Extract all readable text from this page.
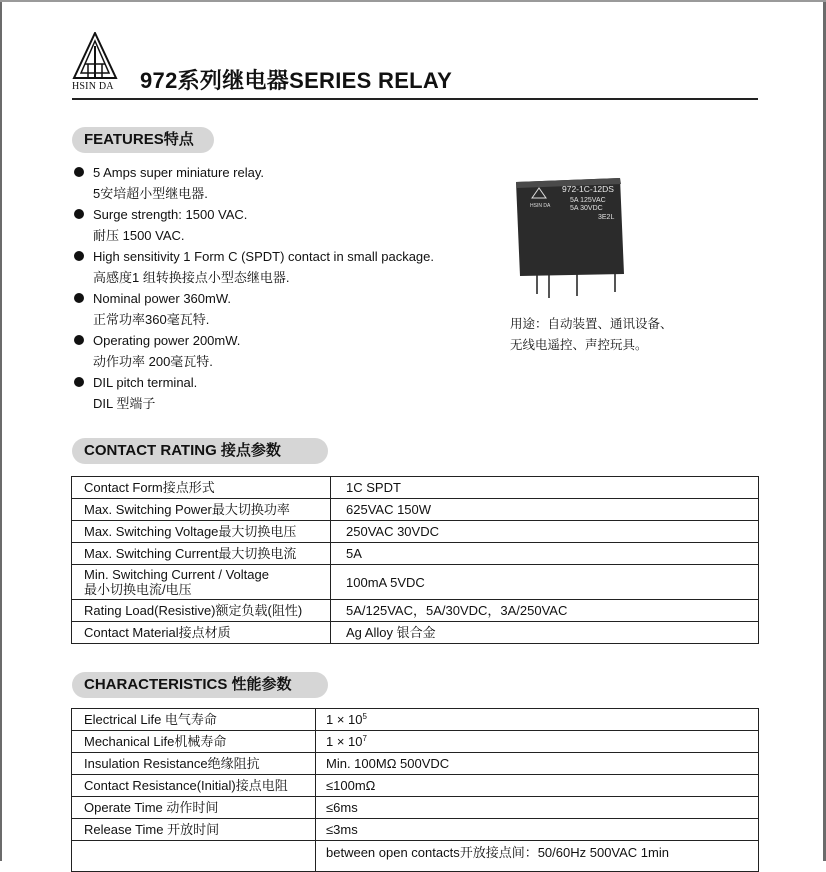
HSIN DA 972系列继电器SERIES RELAY
FEATURES特点
5 Amps super miniature relay.
5安培超小型继电器.
Surge strength: 1500 VAC.
耐压 1500 VAC.
High sensitivity 1 Form C (SPDT) contact in small package.
高感度1 组转换接点小型态继电器.
Nominal power 360mW.
正常功率360毫瓦特.
Operating power 200mW.
动作功率 200毫瓦特.
DIL pitch terminal.
DIL 型端子
HSIN DA
972-1C-12DS
5A 125VAC
5A 30VDC
3E2L
用途：自动装置、通讯设备、
无线电遥控、声控玩具。
CONTACT RATING 接点参数
Contact Form接点形式	1C SPDT
Max. Switching Power最大切换功率	625VAC 150W
Max. Switching Voltage最大切换电压	250VAC 30VDC
Max. Switching Current最大切换电流	5A

Min. Switching Current / Voltage
最小切换电流/电压	100mA 5VDC
Rating Load(Resistive)额定负载(阻性)	5A/125VAC，5A/30VDC，3A/250VAC
Contact Material接点材质	Ag Alloy 银合金
CHARACTERISTICS 性能参数
Electrical Life 电气寿命	$1 \times 10^5$
Mechanical Life机械寿命	$1 \times 10^7$
Insulation Resistance绝缘阻抗	Min. 100MΩ 500VDC
Contact Resistance(Initial)接点电阻	≤100mΩ
Operate Time 动作时间	≤6ms
Release Time 开放时间	≤3ms
	between open contacts开放接点间：50/60Hz 500VAC 1min
